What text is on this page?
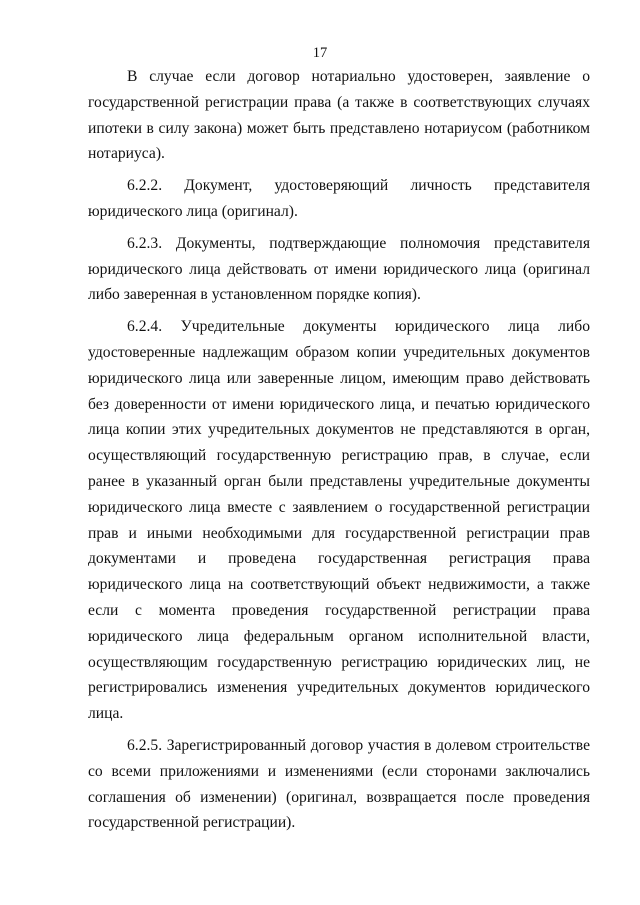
17

В случае если договор нотариально удостоверен, заявление о государственной регистрации права (а также в соответствующих случаях ипотеки в силу закона) может быть представлено нотариусом (работником нотариуса).

6.2.2. Документ, удостоверяющий личность представителя юридического лица (оригинал).

6.2.3. Документы, подтверждающие полномочия представителя юридического лица действовать от имени юридического лица (оригинал либо заверенная в установленном порядке копия).

6.2.4. Учредительные документы юридического лица либо удостоверенные надлежащим образом копии учредительных документов юридического лица или заверенные лицом, имеющим право действовать без доверенности от имени юридического лица, и печатью юридического лица копии этих учредительных документов не представляются в орган, осуществляющий государственную регистрацию прав, в случае, если ранее в указанный орган были представлены учредительные документы юридического лица вместе с заявлением о государственной регистрации прав и иными необходимыми для государственной регистрации прав документами и проведена государственная регистрация права юридического лица на соответствующий объект недвижимости, а также если с момента проведения государственной регистрации права юридического лица федеральным органом исполнительной власти, осуществляющим государственную регистрацию юридических лиц, не регистрировались изменения учредительных документов юридического лица.

6.2.5. Зарегистрированный договор участия в долевом строительстве со всеми приложениями и изменениями (если сторонами заключались соглашения об изменении) (оригинал, возвращается после проведения государственной регистрации).
